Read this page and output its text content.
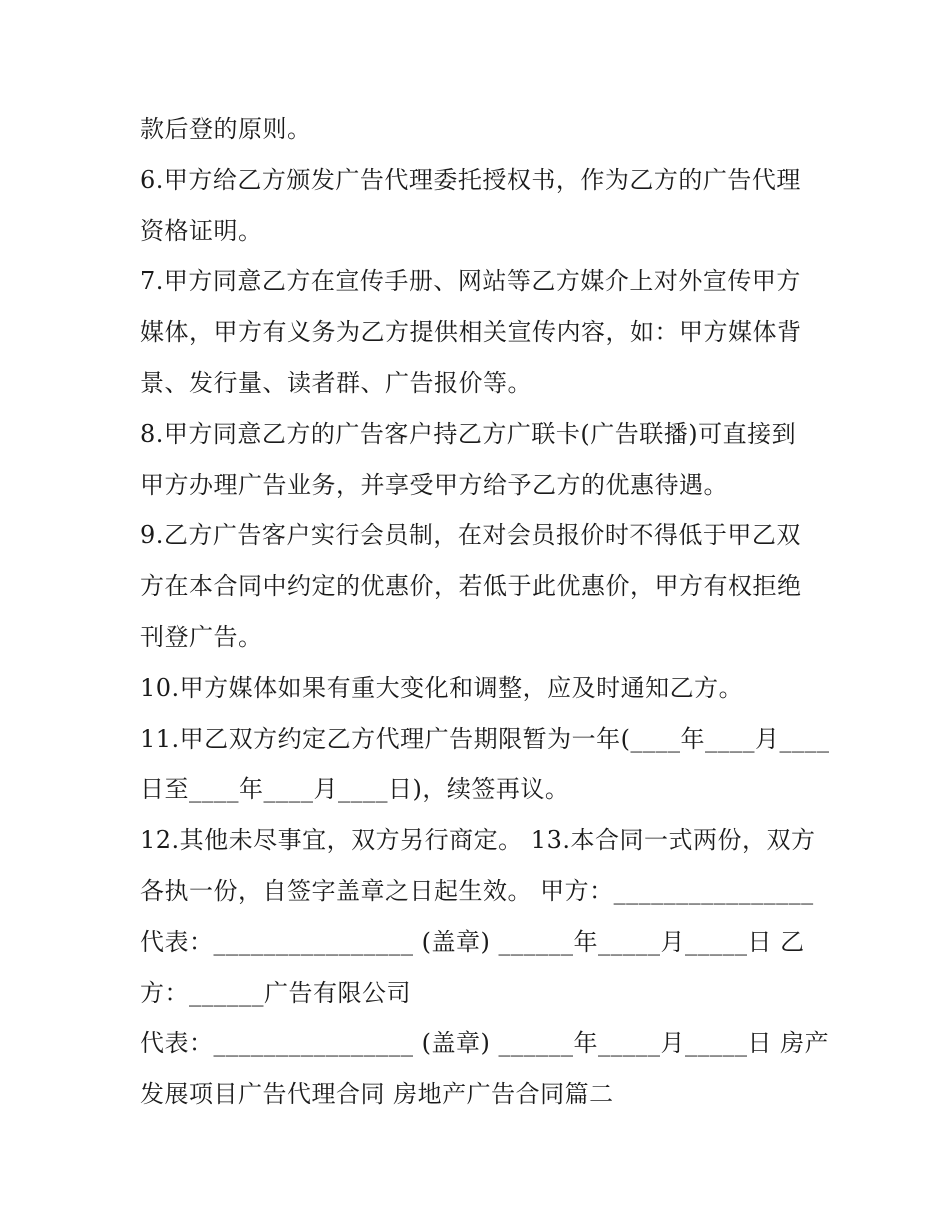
款后登的原则。
6.甲方给乙方颁发广告代理委托授权书，作为乙方的广告代理
资格证明。
7.甲方同意乙方在宣传手册、网站等乙方媒介上对外宣传甲方
媒体，甲方有义务为乙方提供相关宣传内容，如：甲方媒体背
景、发行量、读者群、广告报价等。
8.甲方同意乙方的广告客户持乙方广联卡(广告联播)可直接到
甲方办理广告业务，并享受甲方给予乙方的优惠待遇。
9.乙方广告客户实行会员制，在对会员报价时不得低于甲乙双
方在本合同中约定的优惠价，若低于此优惠价，甲方有权拒绝
刊登广告。
10.甲方媒体如果有重大变化和调整，应及时通知乙方。
11.甲乙双方约定乙方代理广告期限暂为一年(____年____月____
日至____年____月____日)，续签再议。
12.其他未尽事宜，双方另行商定。 13.本合同一式两份，双方
各执一份，自签字盖章之日起生效。 甲方：________________
代表：________________ (盖章) ______年_____月_____日 乙
方：______广告有限公司
代表：________________ (盖章) ______年_____月_____日 房产
发展项目广告代理合同 房地产广告合同篇二
